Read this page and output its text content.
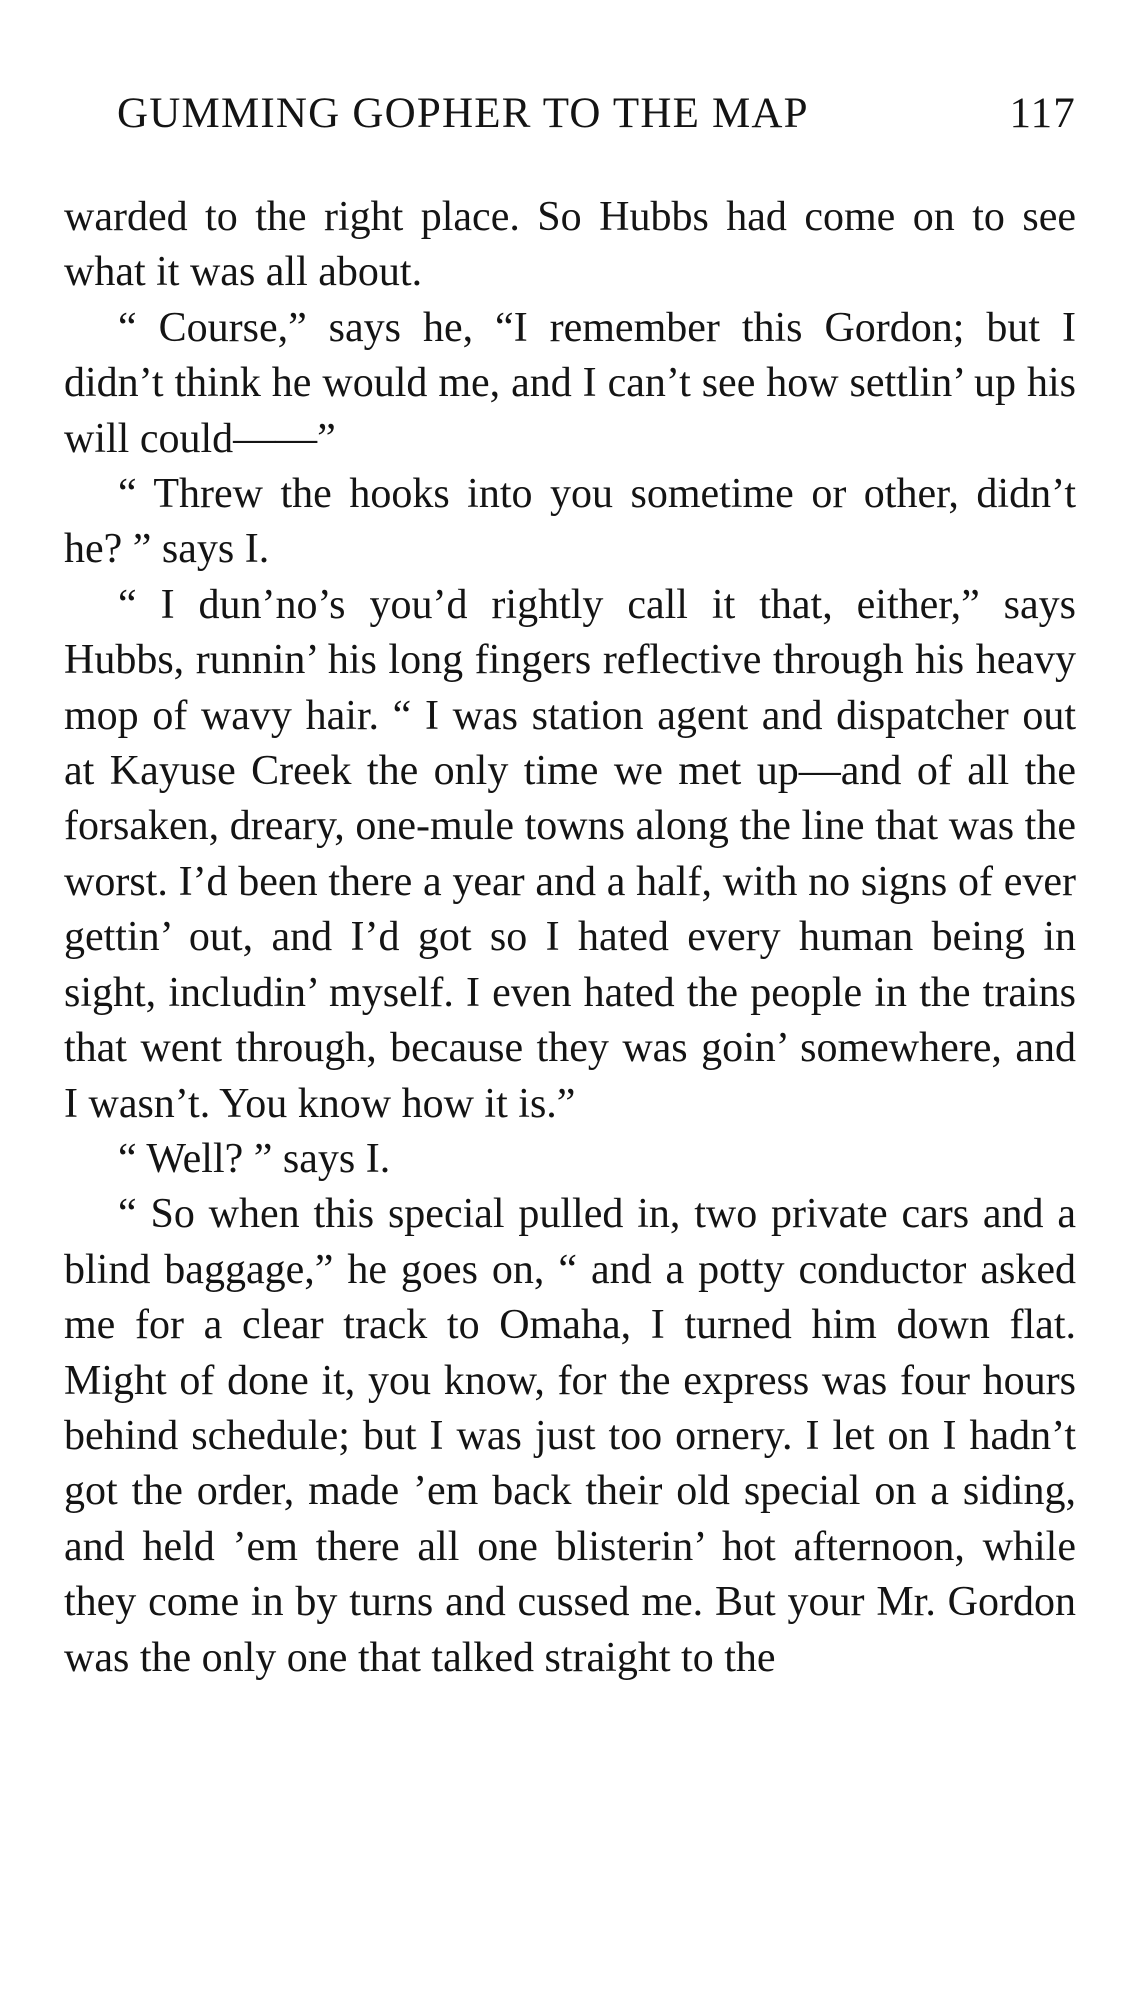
GUMMING GOPHER TO THE MAP	117

warded to the right place. So Hubbs had come on to see what it was all about.

“ Course,” says he, “I remember this Gordon; but I didn’t think he would me, and I can’t see how settlin’ up his will could——”

“ Threw the hooks into you sometime or other, didn’t he? ” says I.

“ I dun’no’s you’d rightly call it that, either,” says Hubbs, runnin’ his long fingers reflective through his heavy mop of wavy hair. “ I was station agent and dispatcher out at Kayuse Creek the only time we met up—and of all the forsaken, dreary, one-mule towns along the line that was the worst. I’d been there a year and a half, with no signs of ever gettin’ out, and I’d got so I hated every human being in sight, includin’ myself. I even hated the people in the trains that went through, because they was goin’ somewhere, and I wasn’t. You know how it is.”

“ Well? ” says I.

“ So when this special pulled in, two private cars and a blind baggage,” he goes on, “ and a potty conductor asked me for a clear track to Omaha, I turned him down flat. Might of done it, you know, for the express was four hours behind schedule; but I was just too ornery. I let on I hadn’t got the order, made ’em back their old special on a siding, and held ’em there all one blisterin’ hot afternoon, while they come in by turns and cussed me. But your Mr. Gordon was the only one that talked straight to the
